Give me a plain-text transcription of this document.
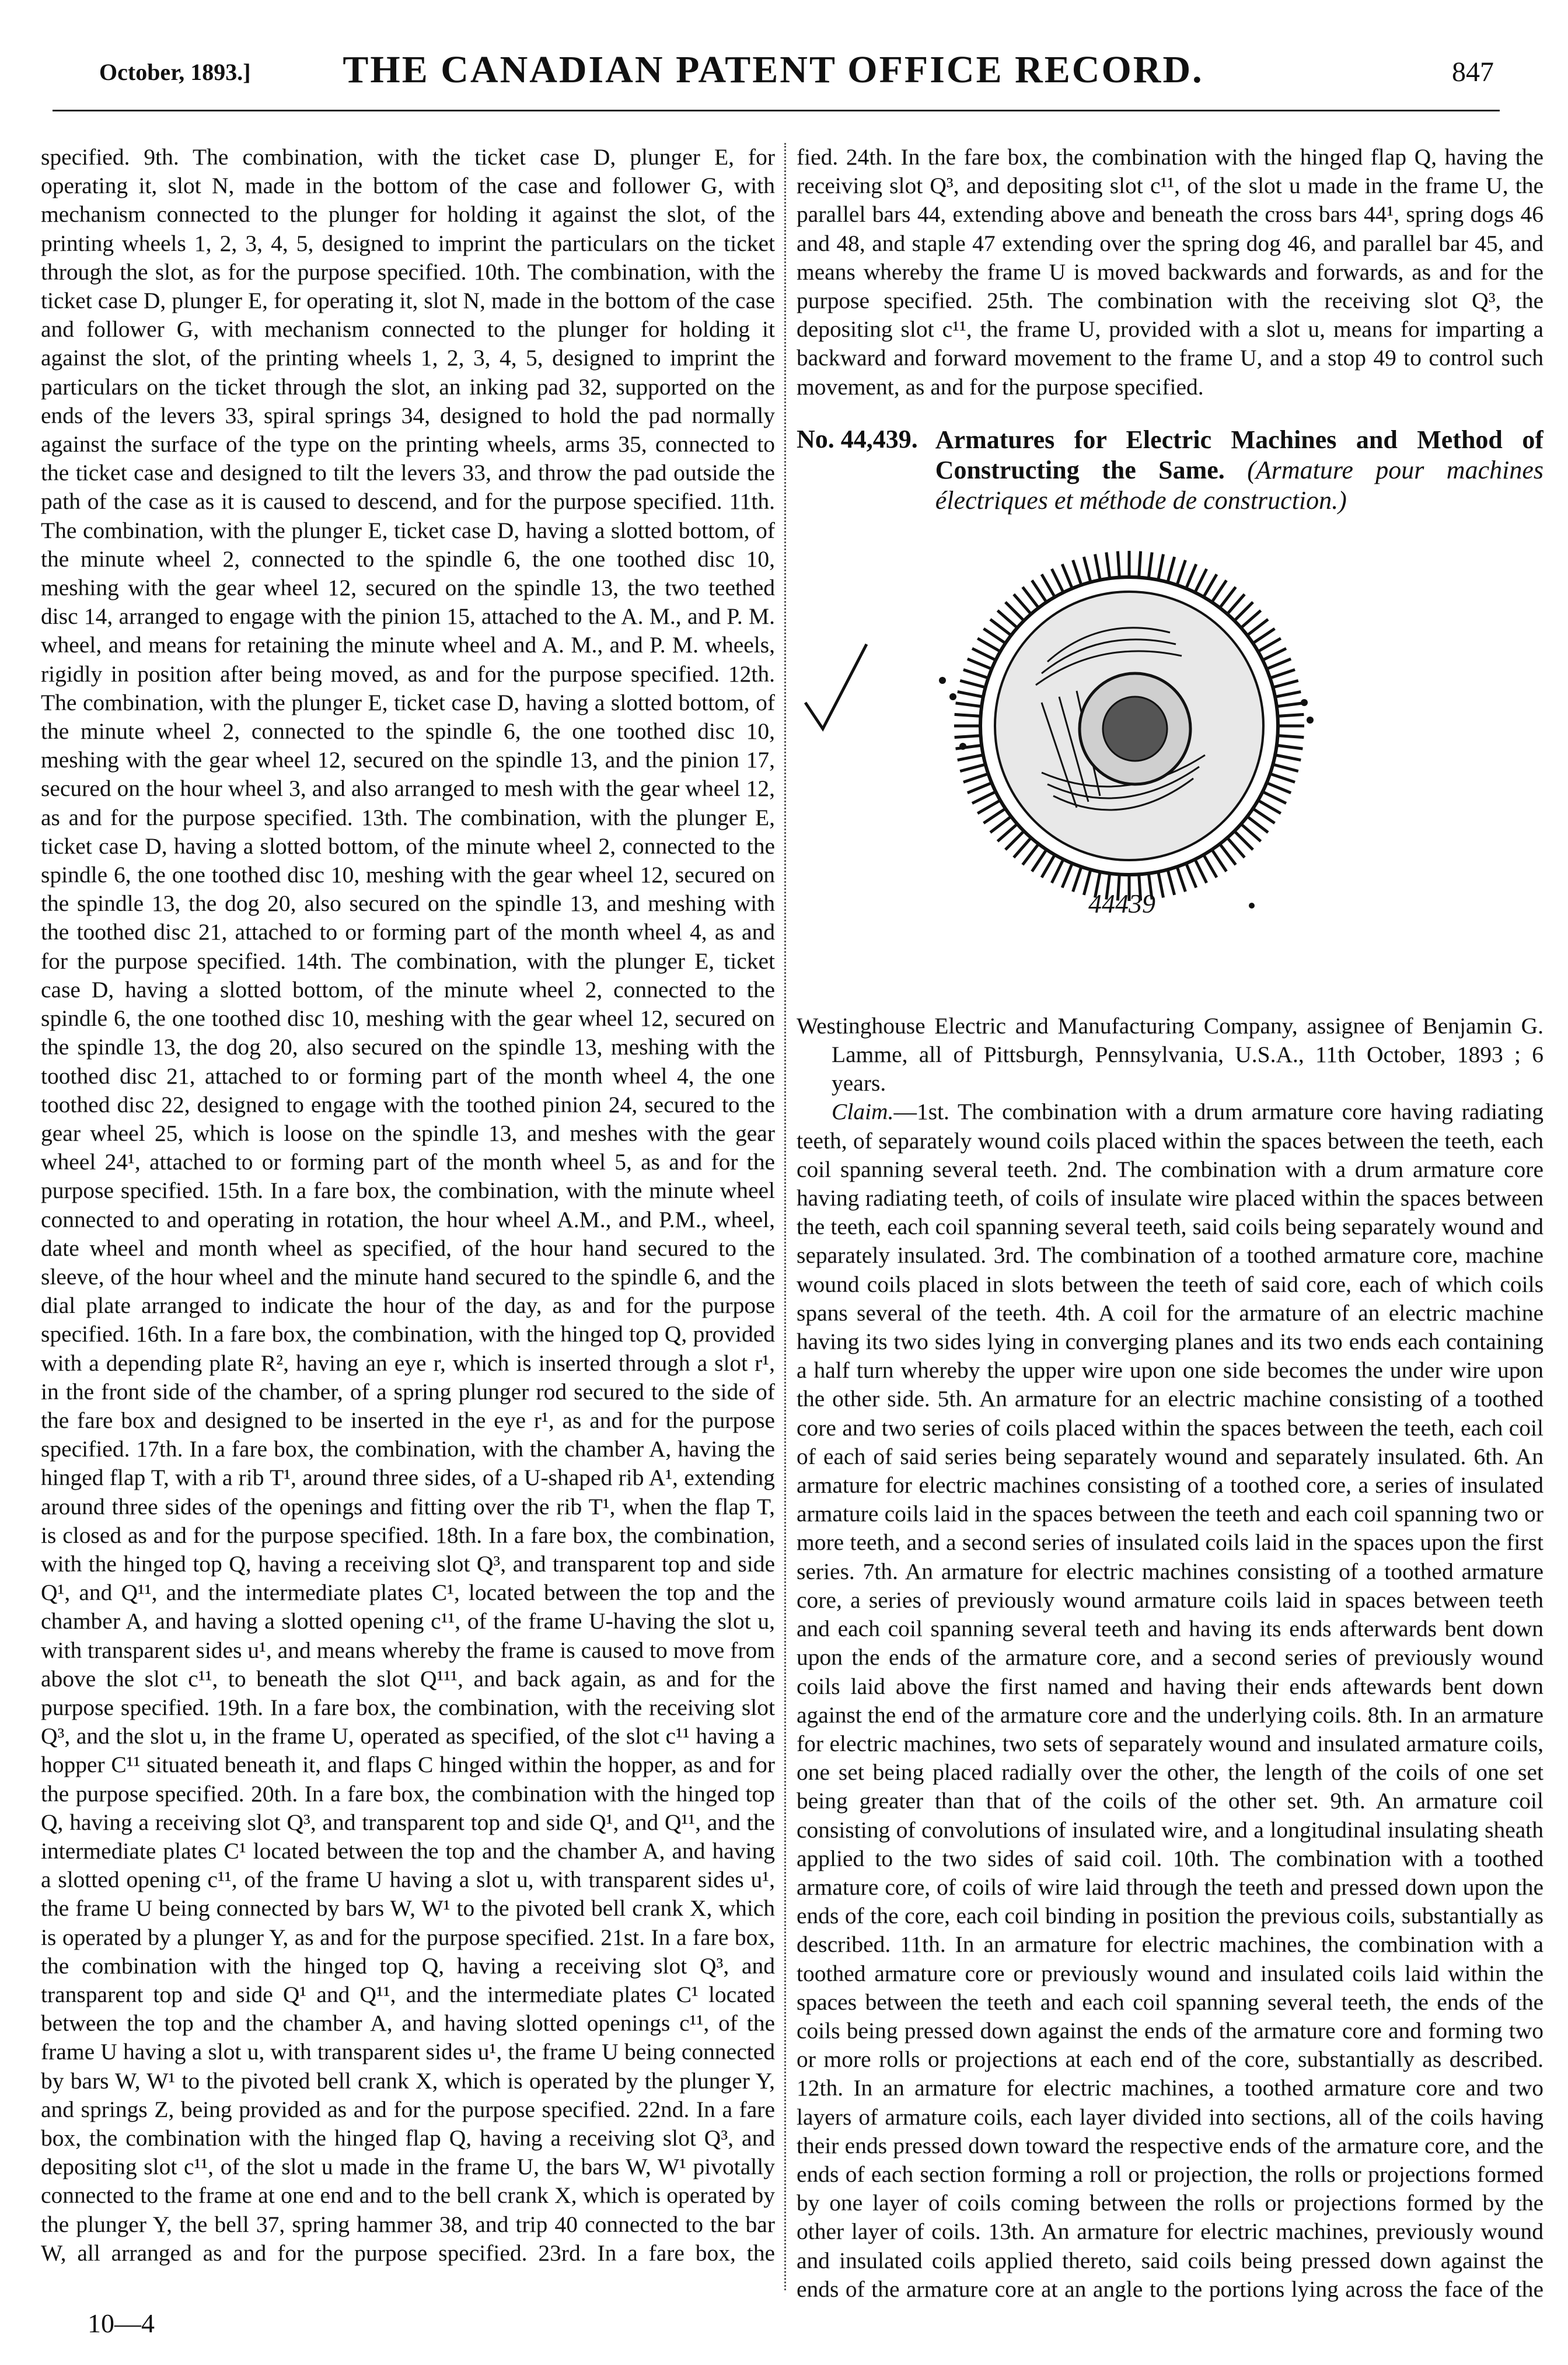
October, 1893.]	THE CANADIAN PATENT OFFICE RECORD.	847

specified. 9th. The combination, with the ticket case D, plunger E, for operating it, slot N, made in the bottom of the case and follower G, with mechanism connected to the plunger for holding it against the slot, of the printing wheels 1, 2, 3, 4, 5, designed to imprint the particulars on the ticket through the slot, as for the purpose specified. 10th. The combination, with the ticket case D, plunger E, for operating it, slot N, made in the bottom of the case and follower G, with mechanism connected to the plunger for holding it against the slot, of the printing wheels 1, 2, 3, 4, 5, designed to imprint the particulars on the ticket through the slot, an inking pad 32, supported on the ends of the levers 33, spiral springs 34, designed to hold the pad normally against the surface of the type on the printing wheels, arms 35, connected to the ticket case and designed to tilt the levers 33, and throw the pad outside the path of the case as it is caused to descend, and for the purpose specified. 11th. The combination, with the plunger E, ticket case D, having a slotted bottom, of the minute wheel 2, connected to the spindle 6, the one toothed disc 10, meshing with the gear wheel 12, secured on the spindle 13, the two teethed disc 14, arranged to engage with the pinion 15, attached to the A. M., and P. M. wheel, and means for retaining the minute wheel and A. M., and P. M. wheels, rigidly in position after being moved, as and for the purpose specified. 12th. The combination, with the plunger E, ticket case D, having a slotted bottom, of the minute wheel 2, connected to the spindle 6, the one toothed disc 10, meshing with the gear wheel 12, secured on the spindle 13, and the pinion 17, secured on the hour wheel 3, and also arranged to mesh with the gear wheel 12, as and for the purpose specified. 13th. The combination, with the plunger E, ticket case D, having a slotted bottom, of the minute wheel 2, connected to the spindle 6, the one toothed disc 10, meshing with the gear wheel 12, secured on the spindle 13, the dog 20, also secured on the spindle 13, and meshing with the toothed disc 21, attached to or forming part of the month wheel 4, as and for the purpose specified. 14th. The combination, with the plunger E, ticket case D, having a slotted bottom, of the minute wheel 2, connected to the spindle 6, the one toothed disc 10, meshing with the gear wheel 12, secured on the spindle 13, the dog 20, also secured on the spindle 13, meshing with the toothed disc 21, attached to or forming part of the month wheel 4, the one toothed disc 22, designed to engage with the toothed pinion 24, secured to the gear wheel 25, which is loose on the spindle 13, and meshes with the gear wheel 24¹, attached to or forming part of the month wheel 5, as and for the purpose specified. 15th. In a fare box, the combination, with the minute wheel connected to and operating in rotation, the hour wheel A.M., and P.M., wheel, date wheel and month wheel as specified, of the hour hand secured to the sleeve, of the hour wheel and the minute hand secured to the spindle 6, and the dial plate arranged to indicate the hour of the day, as and for the purpose specified. 16th. In a fare box, the combination, with the hinged top Q, provided with a depending plate R², having an eye r, which is inserted through a slot r¹, in the front side of the chamber, of a spring plunger rod secured to the side of the fare box and designed to be inserted in the eye r¹, as and for the purpose specified. 17th. In a fare box, the combination, with the chamber A, having the hinged flap T, with a rib T¹, around three sides, of a U-shaped rib A¹, extending around three sides of the openings and fitting over the rib T¹, when the flap T, is closed as and for the purpose specified. 18th. In a fare box, the combination, with the hinged top Q, having a receiving slot Q³, and transparent top and side Q¹, and Q¹¹, and the intermediate plates C¹, located between the top and the chamber A, and having a slotted opening c¹¹, of the frame U-having the slot u, with transparent sides u¹, and means whereby the frame is caused to move from above the slot c¹¹, to beneath the slot Q¹¹¹, and back again, as and for the purpose specified. 19th. In a fare box, the combination, with the receiving slot Q³, and the slot u, in the frame U, operated as specified, of the slot c¹¹ having a hopper C¹¹ situated beneath it, and flaps C hinged within the hopper, as and for the purpose specified. 20th. In a fare box, the combination with the hinged top Q, having a receiving slot Q³, and transparent top and side Q¹, and Q¹¹, and the intermediate plates C¹ located between the top and the chamber A, and having a slotted opening c¹¹, of the frame U having a slot u, with transparent sides u¹, the frame U being connected by bars W, W¹ to the pivoted bell crank X, which is operated by a plunger Y, as and for the purpose specified. 21st. In a fare box, the combination with the hinged top Q, having a receiving slot Q³, and transparent top and side Q¹ and Q¹¹, and the intermediate plates C¹ located between the top and the chamber A, and having slotted openings c¹¹, of the frame U having a slot u, with transparent sides u¹, the frame U being connected by bars W, W¹ to the pivoted bell crank X, which is operated by the plunger Y, and springs Z, being provided as and for the purpose specified. 22nd. In a fare box, the combination with the hinged flap Q, having a receiving slot Q³, and depositing slot c¹¹, of the slot u made in the frame U, the bars W, W¹ pivotally connected to the frame at one end and to the bell crank X, which is operated by the plunger Y, the bell 37, spring hammer 38, and trip 40 connected to the bar W, all arranged as and for the purpose specified. 23rd. In a fare box, the

fied. 24th. In the fare box, the combination with the hinged flap Q, having the receiving slot Q³, and depositing slot c¹¹, of the slot u made in the frame U, the parallel bars 44, extending above and beneath the cross bars 44¹, spring dogs 46 and 48, and staple 47 extending over the spring dog 46, and parallel bar 45, and means whereby the frame U is moved backwards and forwards, as and for the purpose specified. 25th. The combination with the receiving slot Q³, the depositing slot c¹¹, the frame U, provided with a slot u, means for imparting a backward and forward movement to the frame U, and a stop 49 to control such movement, as and for the purpose specified.

No. 44,439. Armatures for Electric Machines and Method of Constructing the Same. (Armature pour machines électriques et méthode de construction.)
44439

Westinghouse Electric and Manufacturing Company, assignee of Benjamin G. Lamme, all of Pittsburgh, Pennsylvania, U.S.A., 11th October, 1893 ; 6 years.

Claim.—1st. The combination with a drum armature core having radiating teeth, of separately wound coils placed within the spaces between the teeth, each coil spanning several teeth. 2nd. The combination with a drum armature core having radiating teeth, of coils of insulate wire placed within the spaces between the teeth, each coil spanning several teeth, said coils being separately wound and separately insulated. 3rd. The combination of a toothed armature core, machine wound coils placed in slots between the teeth of said core, each of which coils spans several of the teeth. 4th. A coil for the armature of an electric machine having its two sides lying in converging planes and its two ends each containing a half turn whereby the upper wire upon one side becomes the under wire upon the other side. 5th. An armature for an electric machine consisting of a toothed core and two series of coils placed within the spaces between the teeth, each coil of each of said series being separately wound and separately insulated. 6th. An armature for electric machines consisting of a toothed core, a series of insulated armature coils laid in the spaces between the teeth and each coil spanning two or more teeth, and a second series of insulated coils laid in the spaces upon the first series. 7th. An armature for electric machines consisting of a toothed armature core, a series of previously wound armature coils laid in spaces between teeth and each coil spanning several teeth and having its ends afterwards bent down upon the ends of the armature core, and a second series of previously wound coils laid above the first named and having their ends aftewards bent down against the end of the armature core and the underlying coils. 8th. In an armature for electric machines, two sets of separately wound and insulated armature coils, one set being placed radially over the other, the length of the coils of one set being greater than that of the coils of the other set. 9th. An armature coil consisting of convolutions of insulated wire, and a longitudinal insulating sheath applied to the two sides of said coil. 10th. The combination with a toothed armature core, of coils of wire laid through the teeth and pressed down upon the ends of the core, each coil binding in position the previous coils, substantially as described. 11th. In an armature for electric machines, the combination with a toothed armature core or previously wound and insulated coils laid within the spaces between the teeth and each coil spanning several teeth, the ends of the coils being pressed down against the ends of the armature core and forming two or more rolls or projections at each end of the core, substantially as described. 12th. In an armature for electric machines, a toothed armature core and two layers of armature coils, each layer divided into sections, all of the coils having their ends pressed down toward the respective ends of the armature core, and the ends of each section forming a roll or projection, the rolls or projections formed by one layer of coils coming between the rolls or projections formed by the other layer of coils. 13th. An armature for electric machines, previously wound and insulated coils applied thereto, said coils being pressed down against the ends of the armature core at an angle to the portions lying across the face of the

10—4
